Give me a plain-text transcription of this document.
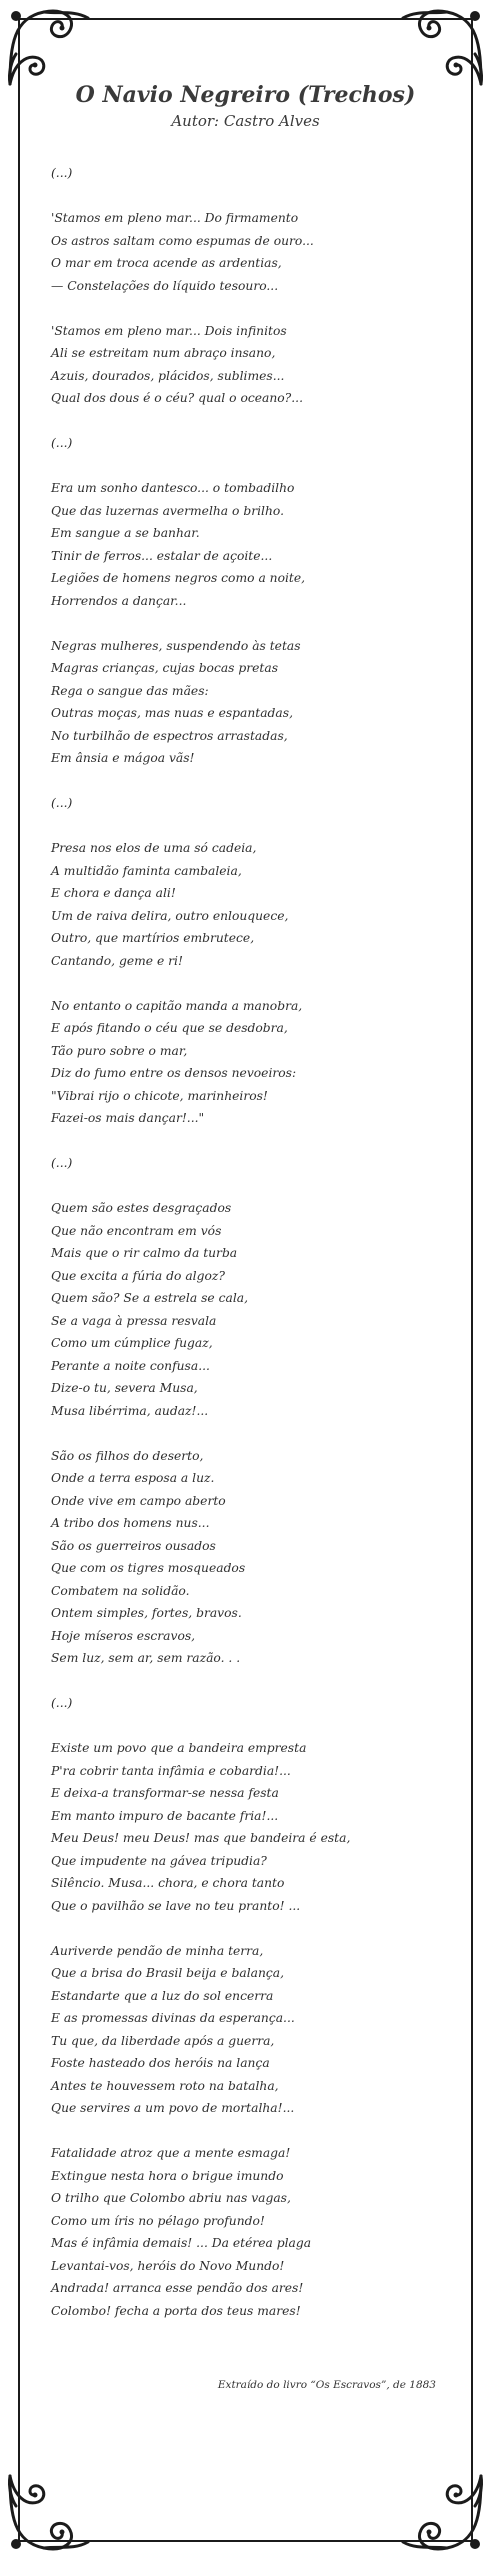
O Navio Negreiro (Trechos)
Autor: Castro Alves
(...)
'Stamos em pleno mar... Do firmamento
Os astros saltam como espumas de ouro...
O mar em troca acende as ardentias,
— Constelações do líquido tesouro...
'Stamos em pleno mar... Dois infinitos
Ali se estreitam num abraço insano,
Azuis, dourados, plácidos, sublimes...
Qual dos dous é o céu? qual o oceano?...
(...)
Era um sonho dantesco... o tombadilho
Que das luzernas avermelha o brilho.
Em sangue a se banhar.
Tinir de ferros... estalar de açoite...
Legiões de homens negros como a noite,
Horrendos a dançar...
Negras mulheres, suspendendo às tetas
Magras crianças, cujas bocas pretas
Rega o sangue das mães:
Outras moças, mas nuas e espantadas,
No turbilhão de espectros arrastadas,
Em ânsia e mágoa vãs!
(...)
Presa nos elos de uma só cadeia,
A multidão faminta cambaleia,
E chora e dança ali!
Um de raiva delira, outro enlouquece,
Outro, que martírios embrutece,
Cantando, geme e ri!
No entanto o capitão manda a manobra,
E após fitando o céu que se desdobra,
Tão puro sobre o mar,
Diz do fumo entre os densos nevoeiros:
"Vibrai rijo o chicote, marinheiros!
Fazei-os mais dançar!..."
(...)
Quem são estes desgraçados
Que não encontram em vós
Mais que o rir calmo da turba
Que excita a fúria do algoz?
Quem são? Se a estrela se cala,
Se a vaga à pressa resvala
Como um cúmplice fugaz,
Perante a noite confusa...
Dize-o tu, severa Musa,
Musa libérrima, audaz!...
São os filhos do deserto,
Onde a terra esposa a luz.
Onde vive em campo aberto
A tribo dos homens nus...
São os guerreiros ousados
Que com os tigres mosqueados
Combatem na solidão.
Ontem simples, fortes, bravos.
Hoje míseros escravos,
Sem luz, sem ar, sem razão. . .
(...)
Existe um povo que a bandeira empresta
P'ra cobrir tanta infâmia e cobardia!...
E deixa-a transformar-se nessa festa
Em manto impuro de bacante fria!...
Meu Deus! meu Deus! mas que bandeira é esta,
Que impudente na gávea tripudia?
Silêncio. Musa... chora, e chora tanto
Que o pavilhão se lave no teu pranto! ...
Auriverde pendão de minha terra,
Que a brisa do Brasil beija e balança,
Estandarte que a luz do sol encerra
E as promessas divinas da esperança...
Tu que, da liberdade após a guerra,
Foste hasteado dos heróis na lança
Antes te houvessem roto na batalha,
Que servires a um povo de mortalha!...
Fatalidade atroz que a mente esmaga!
Extingue nesta hora o brigue imundo
O trilho que Colombo abriu nas vagas,
Como um íris no pélago profundo!
Mas é infâmia demais! ... Da etérea plaga
Levantai-vos, heróis do Novo Mundo!
Andrada! arranca esse pendão dos ares!
Colombo! fecha a porta dos teus mares!
Extraído do livro “Os Escravos”, de 1883
